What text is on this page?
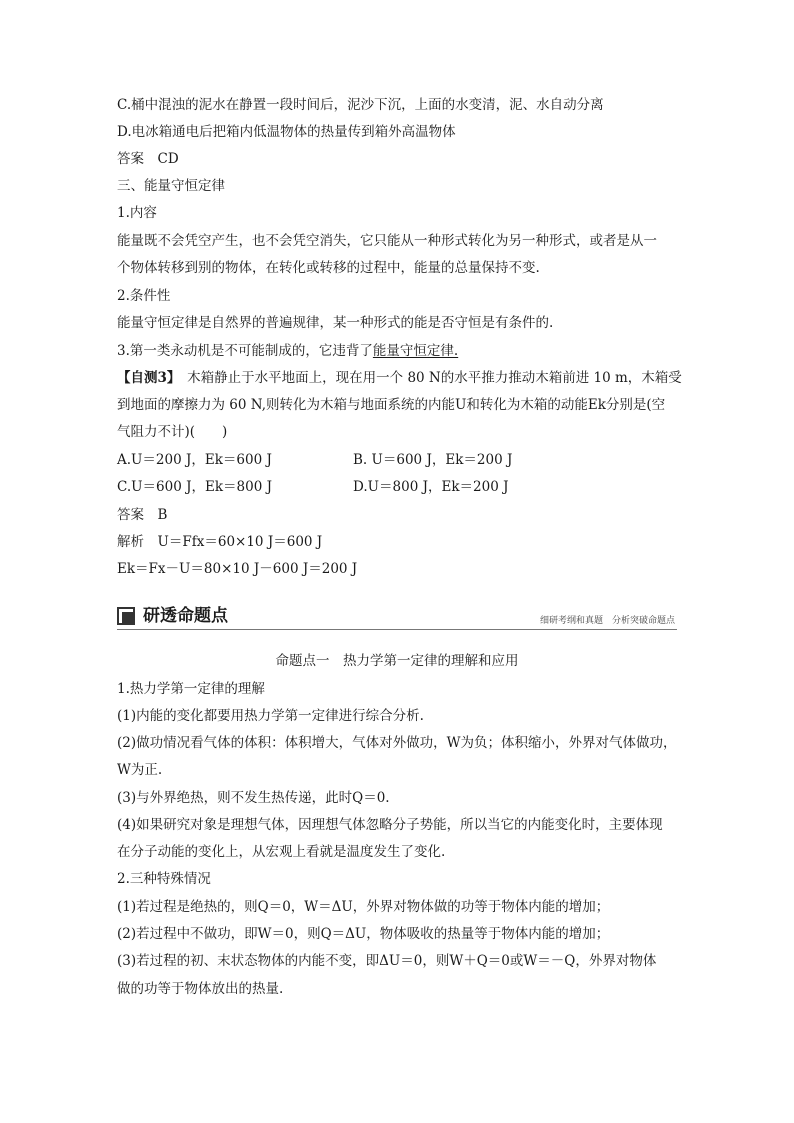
C.桶中混浊的泥水在静置一段时间后，泥沙下沉，上面的水变清，泥、水自动分离
D.电冰箱通电后把箱内低温物体的热量传到箱外高温物体
答案　CD
三、能量守恒定律
1.内容
能量既不会凭空产生，也不会凭空消失，它只能从一种形式转化为另一种形式，或者是从一
个物体转移到别的物体，在转化或转移的过程中，能量的总量保持不变.
2.条件性
能量守恒定律是自然界的普遍规律，某一种形式的能是否守恒是有条件的.
3.第一类永动机是不可能制成的，它违背了能量守恒定律.
【自测3】　木箱静止于水平地面上，现在用一个 80 N的水平推力推动木箱前进 10 m，木箱受
到地面的摩擦力为 60 N,则转化为木箱与地面系统的内能U和转化为木箱的动能Ek分别是(空
气阻力不计)(　　)
A.U＝200 J，Ek＝600 J	B. U＝600 J，Ek＝200 J
C.U＝600 J，Ek＝800 J	D.U＝800 J，Ek＝200 J
答案　B
解析　U＝Ffx＝60×10 J＝600 J
Ek＝Fx－U＝80×10 J－600 J＝200 J
研透命题点	细研考纲和真题　分析突破命题点
命题点一　热力学第一定律的理解和应用
1.热力学第一定律的理解
(1)内能的变化都要用热力学第一定律进行综合分析.
(2)做功情况看气体的体积：体积增大，气体对外做功，W为负；体积缩小，外界对气体做功，
W为正.
(3)与外界绝热，则不发生热传递，此时Q＝0.
(4)如果研究对象是理想气体，因理想气体忽略分子势能，所以当它的内能变化时，主要体现
在分子动能的变化上，从宏观上看就是温度发生了变化.
2.三种特殊情况
(1)若过程是绝热的，则Q＝0，W＝ΔU，外界对物体做的功等于物体内能的增加；
(2)若过程中不做功，即W＝0，则Q＝ΔU，物体吸收的热量等于物体内能的增加；
(3)若过程的初、末状态物体的内能不变，即ΔU＝0，则W＋Q＝0或W＝－Q，外界对物体
做的功等于物体放出的热量.
